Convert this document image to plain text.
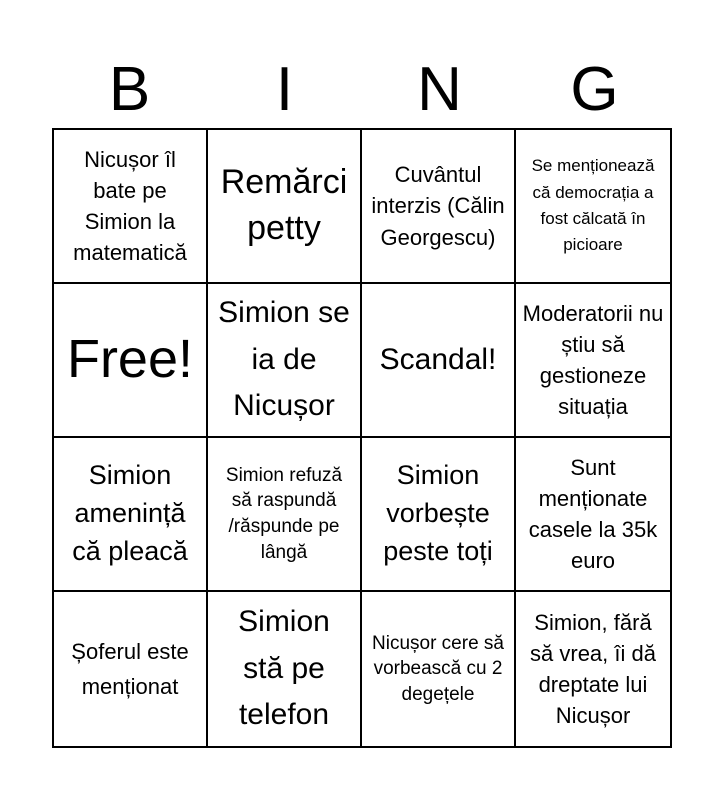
B	I	N	G
Nicușor îl bate pe Simion la matematică
Remărci petty
Cuvântul interzis (Călin Georgescu)
Se menționează că democrația a fost călcată în picioare
Free!
Simion se ia de Nicușor
Scandal!
Moderatorii nu știu să gestioneze situația
Simion amenință că pleacă
Simion refuză să raspundă /răspunde pe lângă
Simion vorbește peste toți
Sunt menționate casele la 35k euro
Șoferul este menționat
Simion stă pe telefon
Nicușor cere să vorbească cu 2 degețele
Simion, fără să vrea, îi dă dreptate lui Nicușor
